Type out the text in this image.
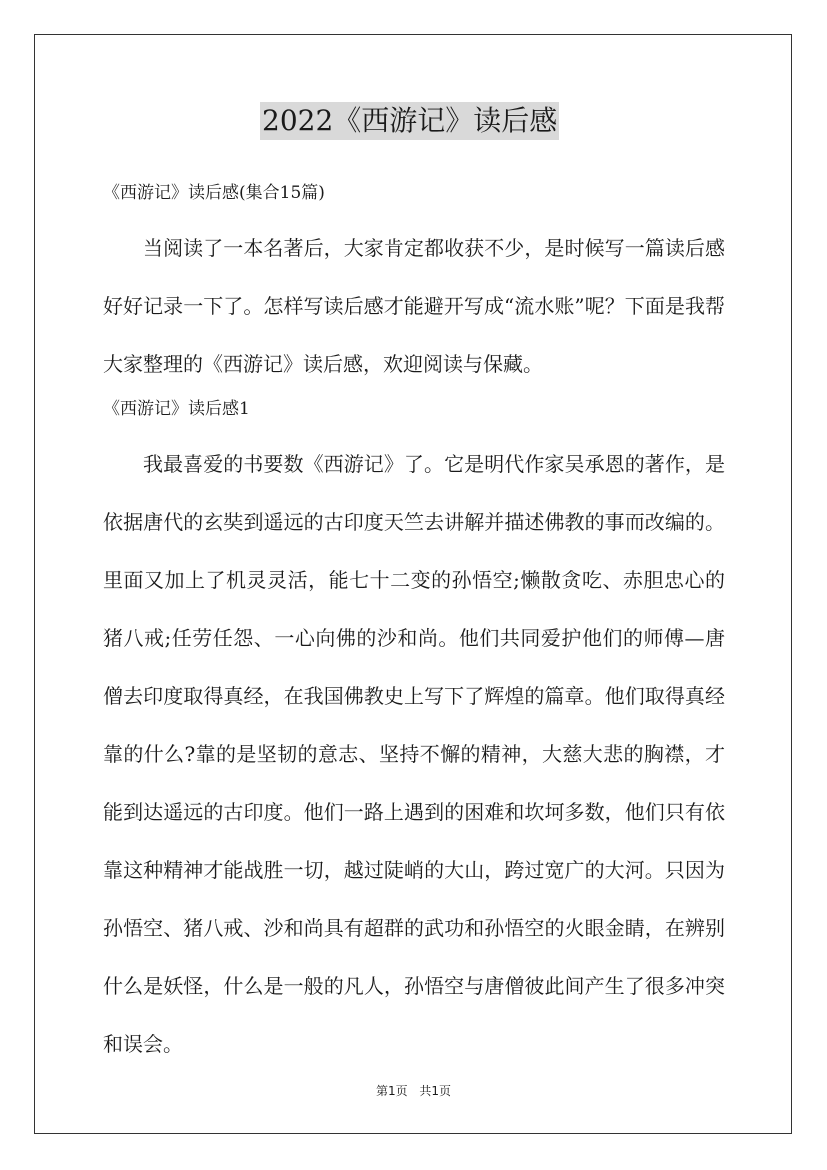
2022《西游记》读后感
《西游记》读后感(集合15篇)

当阅读了一本名著后，大家肯定都收获不少，是时候写一篇读后感好好记录一下了。怎样写读后感才能避开写成“流水账”呢？下面是我帮大家整理的《西游记》读后感，欢迎阅读与保藏。

《西游记》读后感1

我最喜爱的书要数《西游记》了。它是明代作家吴承恩的著作，是依据唐代的玄奘到遥远的古印度天竺去讲解并描述佛教的事而改编的。里面又加上了机灵灵活，能七十二变的孙悟空;懒散贪吃、赤胆忠心的猪八戒;任劳任怨、一心向佛的沙和尚。他们共同爱护他们的师傅—唐僧去印度取得真经，在我国佛教史上写下了辉煌的篇章。他们取得真经靠的什么?靠的是坚韧的意志、坚持不懈的精神，大慈大悲的胸襟，才能到达遥远的古印度。他们一路上遇到的困难和坎坷多数，他们只有依靠这种精神才能战胜一切，越过陡峭的大山，跨过宽广的大河。只因为孙悟空、猪八戒、沙和尚具有超群的武功和孙悟空的火眼金睛，在辨别什么是妖怪，什么是一般的凡人，孙悟空与唐僧彼此间产生了很多冲突和误会。

第1页 共1页
